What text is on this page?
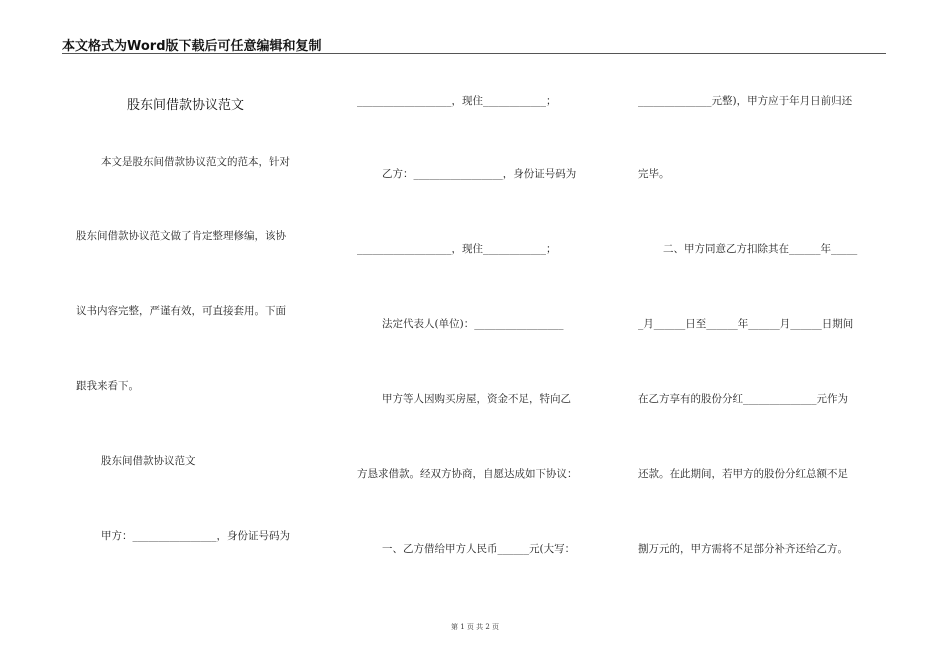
本文格式为Word版下载后可任意编辑和复制
股东间借款协议范文
本文是股东间借款协议范文的范本，针对
股东间借款协议范文做了肯定整理修编，该协
议书内容完整，严谨有效，可直接套用。下面
跟我来看下。
股东间借款协议范文
甲方：________________，身份证号码为
__________________，现住____________；
乙方：_________________，身份证号码为
__________________，现住____________；
法定代表人(单位)：_________________
甲方等人因购买房屋，资金不足，特向乙
方恳求借款。经双方协商，自愿达成如下协议：
一、乙方借给甲方人民币______元(大写：
______________元整)，甲方应于年月日前归还
完毕。
二、甲方同意乙方扣除其在______年_____
_月______日至______年______月______日期间
在乙方享有的股份分红______________元作为
还款。在此期间，若甲方的股份分红总额不足
捌万元的，甲方需将不足部分补齐还给乙方。
第 1 页 共 2 页
